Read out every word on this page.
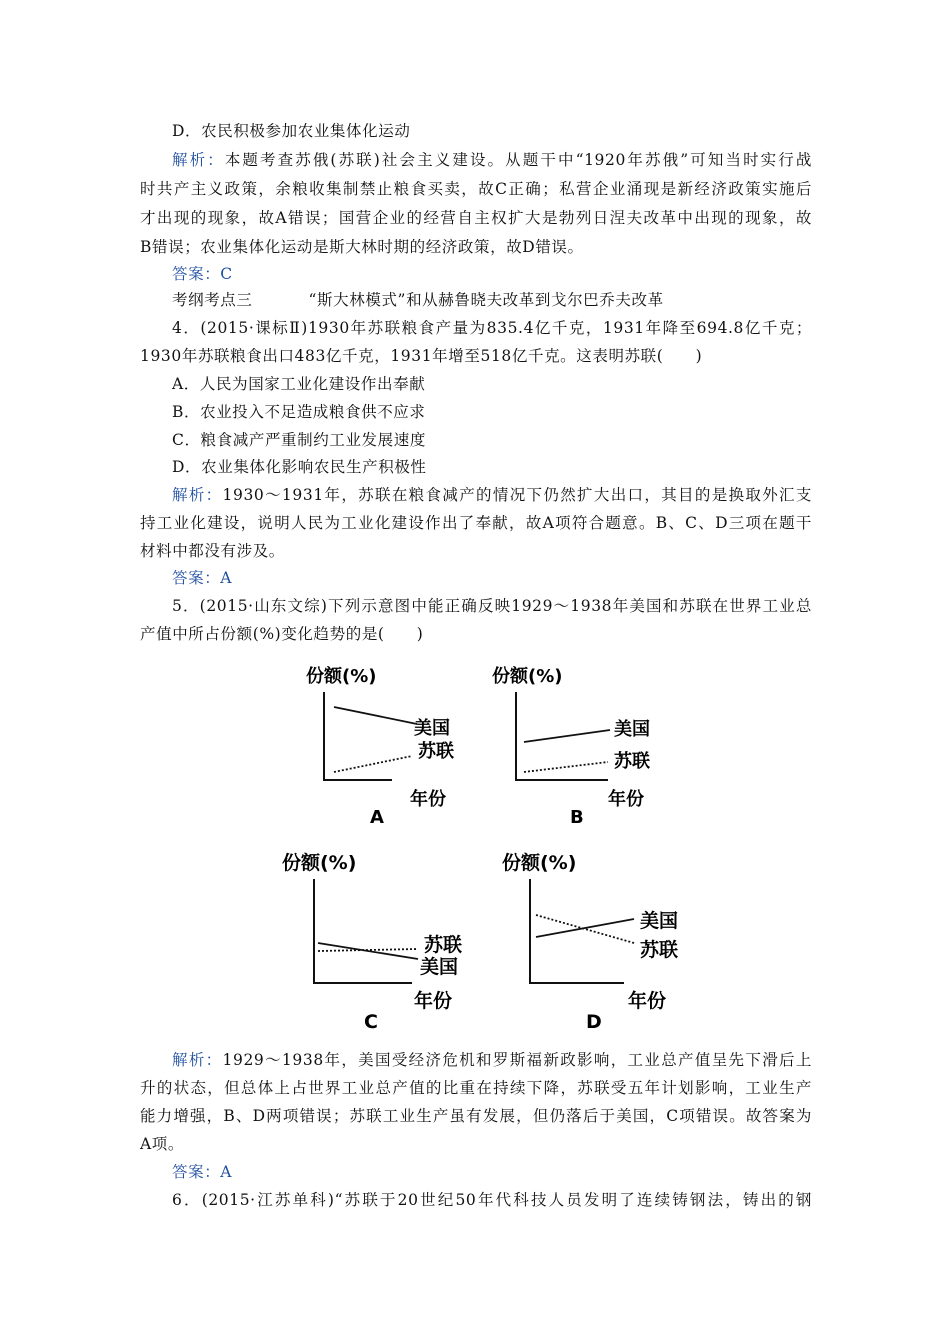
D．农民积极参加农业集体化运动
解析：本题考查苏俄(苏联)社会主义建设。从题干中“1920年苏俄”可知当时实行战
时共产主义政策，余粮收集制禁止粮食买卖，故C正确；私营企业涌现是新经济政策实施后
才出现的现象，故A错误；国营企业的经营自主权扩大是勃列日涅夫改革中出现的现象，故
B错误；农业集体化运动是斯大林时期的经济政策，故D错误。
答案：C
考纲考点三	“斯大林模式”和从赫鲁晓夫改革到戈尔巴乔夫改革
4．(2015·课标Ⅱ)1930年苏联粮食产量为835.4亿千克，1931年降至694.8亿千克；
1930年苏联粮食出口483亿千克，1931年增至518亿千克。这表明苏联(　　)
A．人民为国家工业化建设作出奉献
B．农业投入不足造成粮食供不应求
C．粮食减产严重制约工业发展速度
D．农业集体化影响农民生产积极性
解析：1930～1931年，苏联在粮食减产的情况下仍然扩大出口，其目的是换取外汇支
持工业化建设，说明人民为工业化建设作出了奉献，故A项符合题意。B、C、D三项在题干
材料中都没有涉及。
答案：A
5．(2015·山东文综)下列示意图中能正确反映1929～1938年美国和苏联在世界工业总
产值中所占份额(%)变化趋势的是(　　)
份额(%)
美国
苏联
年份
A
份额(%)
美国
苏联
年份
B
份额(%)
苏联
美国
年份
C
份额(%)
美国
苏联
年份
D
解析：1929～1938年，美国受经济危机和罗斯福新政影响，工业总产值呈先下滑后上
升的状态，但总体上占世界工业总产值的比重在持续下降，苏联受五年计划影响，工业生产
能力增强，B、D两项错误；苏联工业生产虽有发展，但仍落后于美国，C项错误。故答案为
A项。
答案：A
6．(2015·江苏单科)“苏联于20世纪50年代科技人员发明了连续铸钢法，铸出的钢
